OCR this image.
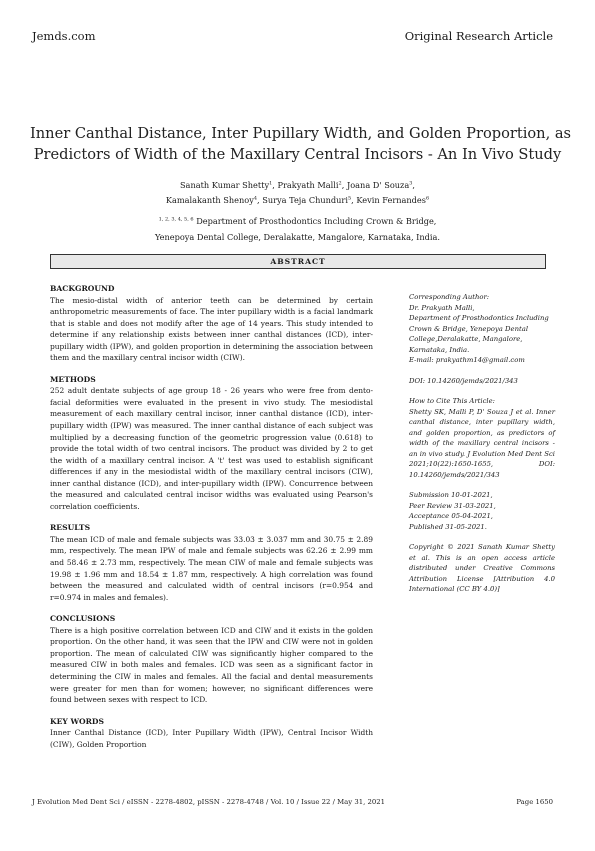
Jemds.com	Original Research Article
Inner Canthal Distance, Inter Pupillary Width, and Golden Proportion, as
Predictors of Width of the Maxillary Central Incisors - An In Vivo Study
Sanath Kumar Shetty$^1$, Prakyath Malli$^2$, Joana D' Souza$^3$,
Kamalakanth Shenoy$^4$, Surya Teja Chunduri$^5$, Kevin Fernandes$^6$
$^{1, 2, 3, 4, 5, 6}$ Department of Prosthodontics Including Crown & Bridge,
Yenepoya Dental College, Deralakatte, Mangalore, Karnataka, India.
ABSTRACT

BACKGROUND

The mesio-distal width of anterior teeth can be determined by certain anthropometric measurements of face. The inter pupillary width is a facial landmark that is stable and does not modify after the age of 14 years. This study intended to determine if any relationship exists between inner canthal distances (ICD), inter-pupillary width (IPW), and golden proportion in determining the association between them and the maxillary central incisor width (CIW).

METHODS

252 adult dentate subjects of age group 18 - 26 years who were free from dento-facial deformities were evaluated in the present in vivo study. The mesiodistal measurement of each maxillary central incisor, inner canthal distance (ICD), inter-pupillary width (IPW) was measured. The inner canthal distance of each subject was multiplied by a decreasing function of the geometric progression value (0.618) to provide the total width of two central incisors. The product was divided by 2 to get the width of a maxillary central incisor. A 't' test was used to establish significant differences if any in the mesiodistal width of the maxillary central incisors (CIW), inner canthal distance (ICD), and inter-pupillary width (IPW). Concurrence between the measured and calculated central incisor widths was evaluated using Pearson's correlation coefficients.

RESULTS

The mean ICD of male and female subjects was 33.03 ± 3.037 mm and 30.75 ± 2.89 mm, respectively. The mean IPW of male and female subjects was 62.26 ± 2.99 mm and 58.46 ± 2.73 mm, respectively. The mean CIW of male and female subjects was 19.98 ± 1.96 mm and 18.54 ± 1.87 mm, respectively. A high correlation was found between the measured and calculated width of central incisors (r=0.954 and r=0.974 in males and females).

CONCLUSIONS

There is a high positive correlation between ICD and CIW and it exists in the golden proportion. On the other hand, it was seen that the IPW and CIW were not in golden proportion. The mean of calculated CIW was significantly higher compared to the measured CIW in both males and females. ICD was seen as a significant factor in determining the CIW in males and females. All the facial and dental measurements were greater for men than for women; however, no significant differences were found between sexes with respect to ICD.

KEY WORDS

Inner Canthal Distance (ICD), Inter Pupillary Width (IPW), Central Incisor Width (CIW), Golden Proportion

Corresponding Author:

Dr. Prakyath Malli,

Department of Prosthodontics Including Crown & Bridge, Yenepoya Dental College,Deralakatte, Mangalore, Karnataka, India.

E-mail: prakyathm14@gmail.com

DOI: 10.14260/jemds/2021/343

How to Cite This Article:

Shetty SK, Malli P, D' Souza J et al. Inner canthal distance, inter pupillary width, and golden proportion, as predictors of width of the maxillary central incisors - an in vivo study. J Evolution Med Dent Sci 2021;10(22):1650-1655, DOI: 10.14260/jemds/2021/343

Submission 10-01-2021,

Peer Review 31-03-2021,

Acceptance 05-04-2021,

Published 31-05-2021.

Copyright © 2021 Sanath Kumar Shetty et al. This is an open access article distributed under Creative Commons Attribution License [Attribution 4.0 International (CC BY 4.0)]

J Evolution Med Dent Sci / eISSN - 2278-4802, pISSN - 2278-4748 / Vol. 10 / Issue 22 / May 31, 2021	Page 1650
